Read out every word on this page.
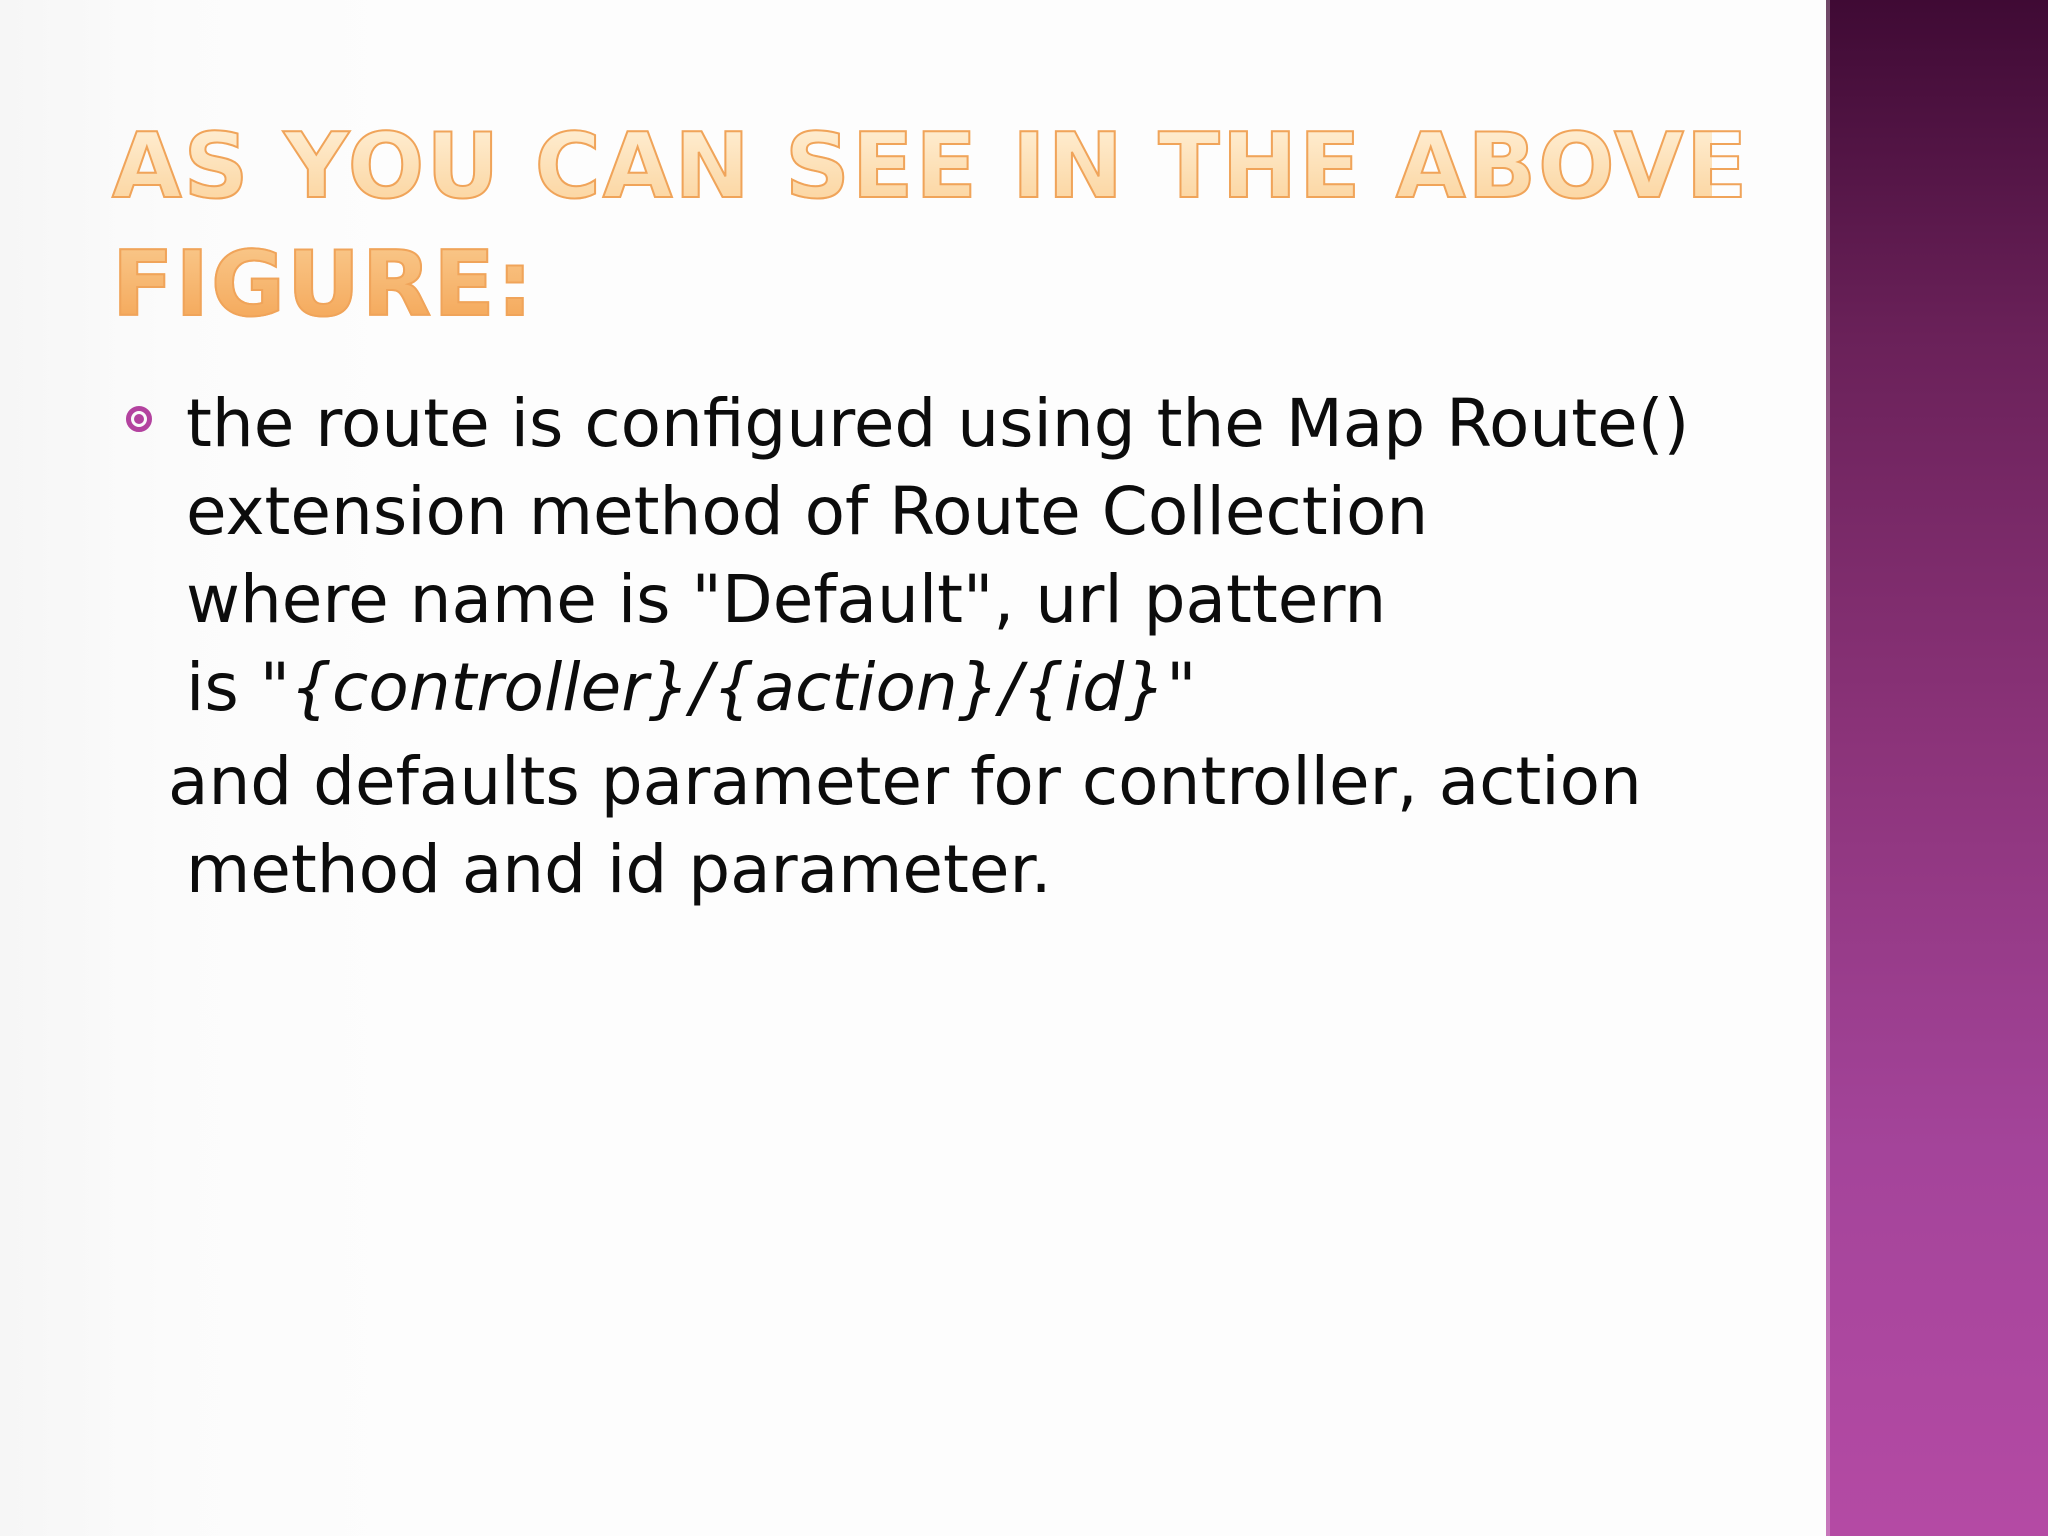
AS YOU CAN SEE IN THE ABOVE
FIGURE:
the route is configured using the Map Route()
extension method of Route Collection
where name is "Default", url pattern
is "{controller}/{action}/{id}"
and defaults parameter for controller, action
method and id parameter.
